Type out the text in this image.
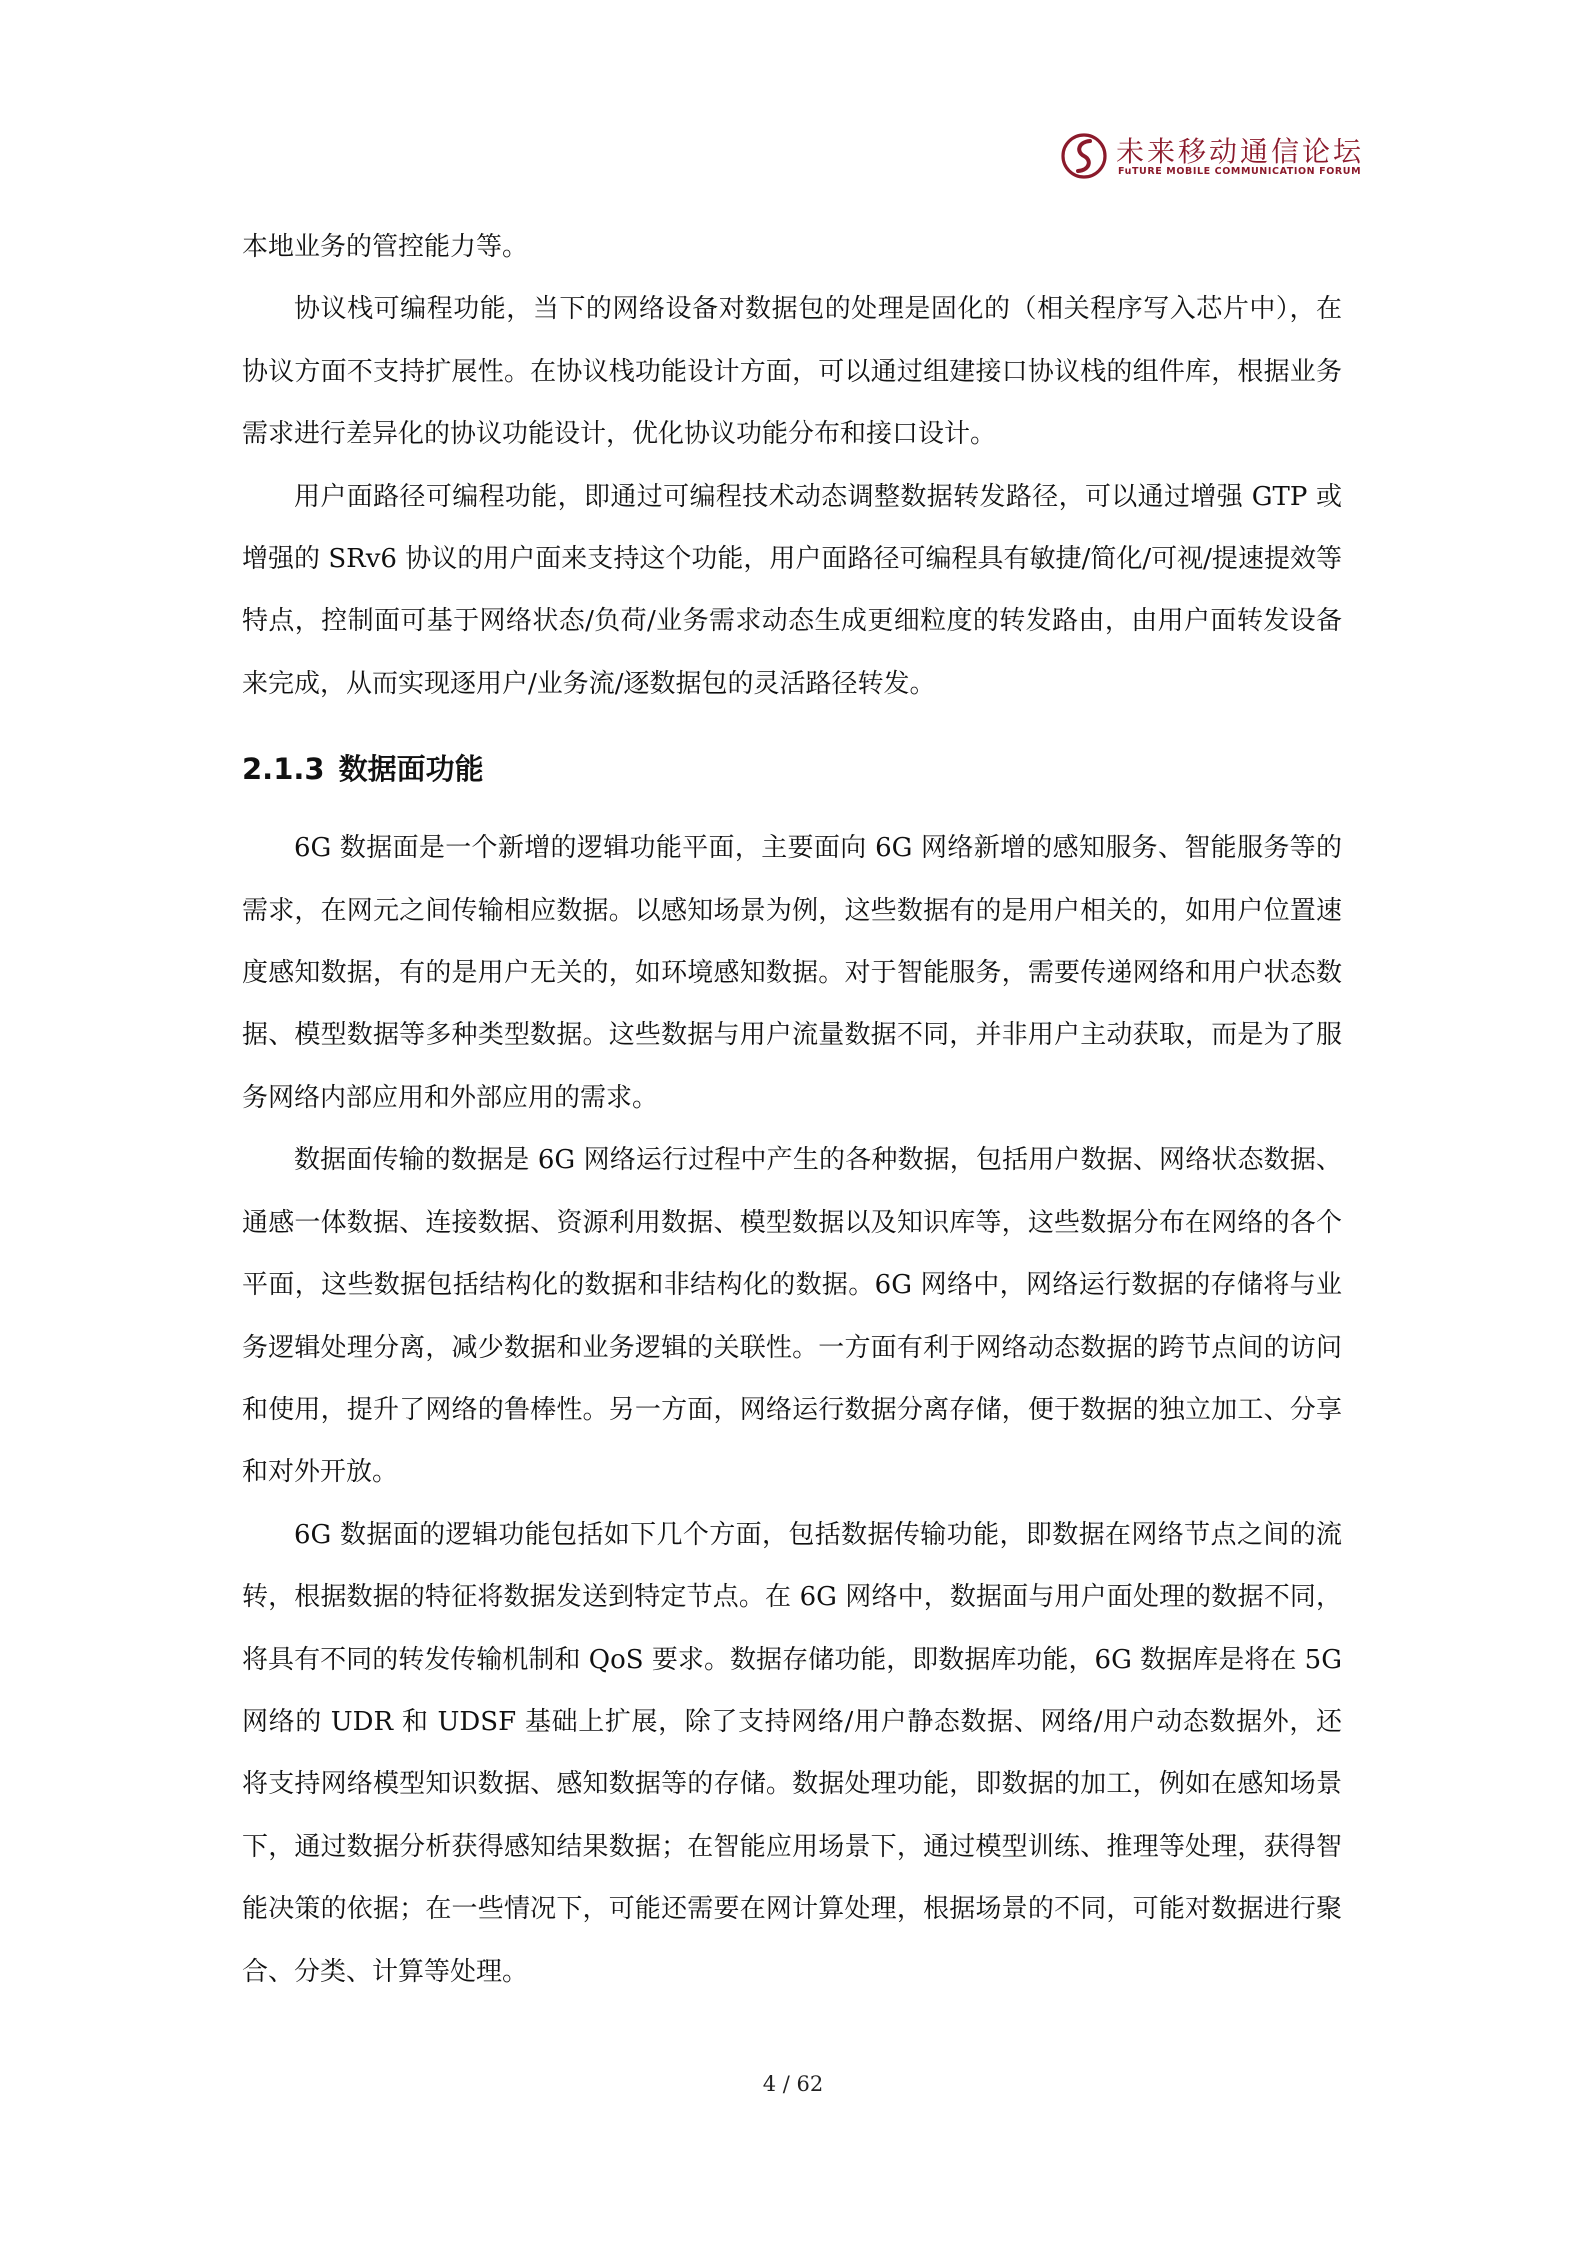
未来移动通信论坛
FuTURE MOBILE COMMUNICATION FORUM

本地业务的管控能力等。

协议栈可编程功能，当下的网络设备对数据包的处理是固化的（相关程序写入芯片中），在协议方面不支持扩展性。在协议栈功能设计方面，可以通过组建接口协议栈的组件库，根据业务需求进行差异化的协议功能设计，优化协议功能分布和接口设计。

用户面路径可编程功能，即通过可编程技术动态调整数据转发路径，可以通过增强 GTP 或增强的 SRv6 协议的用户面来支持这个功能，用户面路径可编程具有敏捷/简化/可视/提速提效等特点，控制面可基于网络状态/负荷/业务需求动态生成更细粒度的转发路由，由用户面转发设备来完成，从而实现逐用户/业务流/逐数据包的灵活路径转发。

2.1.3 数据面功能

6G 数据面是一个新增的逻辑功能平面，主要面向 6G 网络新增的感知服务、智能服务等的需求，在网元之间传输相应数据。以感知场景为例，这些数据有的是用户相关的，如用户位置速度感知数据，有的是用户无关的，如环境感知数据。对于智能服务，需要传递网络和用户状态数据、模型数据等多种类型数据。这些数据与用户流量数据不同，并非用户主动获取，而是为了服务网络内部应用和外部应用的需求。

数据面传输的数据是 6G 网络运行过程中产生的各种数据，包括用户数据、网络状态数据、通感一体数据、连接数据、资源利用数据、模型数据以及知识库等，这些数据分布在网络的各个平面，这些数据包括结构化的数据和非结构化的数据。6G 网络中，网络运行数据的存储将与业务逻辑处理分离，减少数据和业务逻辑的关联性。一方面有利于网络动态数据的跨节点间的访问和使用，提升了网络的鲁棒性。另一方面，网络运行数据分离存储，便于数据的独立加工、分享和对外开放。

6G 数据面的逻辑功能包括如下几个方面，包括数据传输功能，即数据在网络节点之间的流转，根据数据的特征将数据发送到特定节点。在 6G 网络中，数据面与用户面处理的数据不同，将具有不同的转发传输机制和 QoS 要求。数据存储功能，即数据库功能，6G 数据库是将在 5G 网络的 UDR 和 UDSF 基础上扩展，除了支持网络/用户静态数据、网络/用户动态数据外，还将支持网络模型知识数据、感知数据等的存储。数据处理功能，即数据的加工，例如在感知场景下，通过数据分析获得感知结果数据；在智能应用场景下，通过模型训练、推理等处理，获得智能决策的依据；在一些情况下，可能还需要在网计算处理，根据场景的不同，可能对数据进行聚合、分类、计算等处理。

4 / 62
